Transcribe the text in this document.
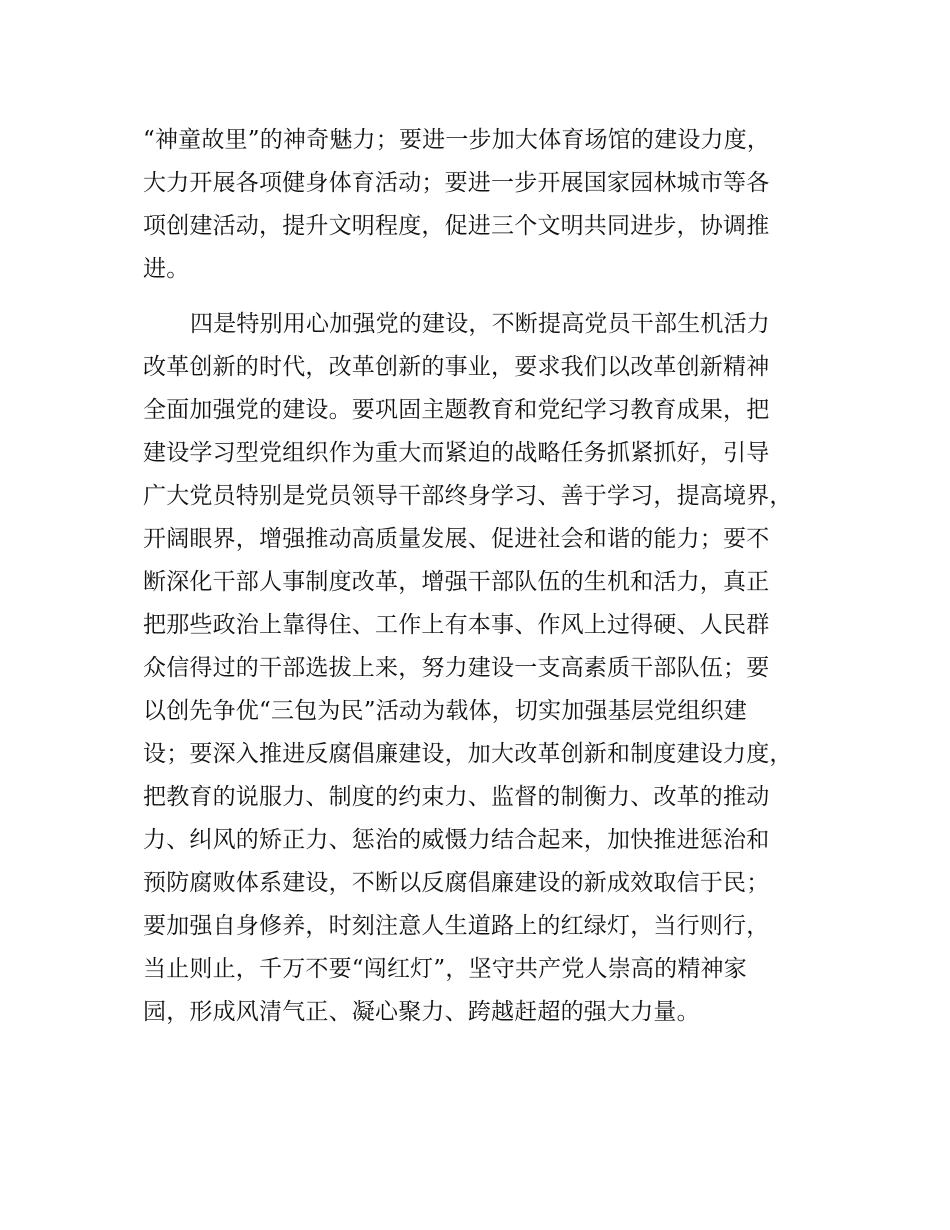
“神童故里”的神奇魅力；要进一步加大体育场馆的建设力度，
大力开展各项健身体育活动；要进一步开展国家园林城市等各
项创建活动，提升文明程度，促进三个文明共同进步，协调推
进。
四是特别用心加强党的建设，不断提高党员干部生机活力
改革创新的时代，改革创新的事业，要求我们以改革创新精神
全面加强党的建设。要巩固主题教育和党纪学习教育成果，把
建设学习型党组织作为重大而紧迫的战略任务抓紧抓好，引导
广大党员特别是党员领导干部终身学习、善于学习，提高境界，
开阔眼界，增强推动高质量发展、促进社会和谐的能力；要不
断深化干部人事制度改革，增强干部队伍的生机和活力，真正
把那些政治上靠得住、工作上有本事、作风上过得硬、人民群
众信得过的干部选拔上来，努力建设一支高素质干部队伍；要
以创先争优“三包为民”活动为载体，切实加强基层党组织建
设；要深入推进反腐倡廉建设，加大改革创新和制度建设力度，
把教育的说服力、制度的约束力、监督的制衡力、改革的推动
力、纠风的矫正力、惩治的威慑力结合起来，加快推进惩治和
预防腐败体系建设，不断以反腐倡廉建设的新成效取信于民；
要加强自身修养，时刻注意人生道路上的红绿灯，当行则行，
当止则止，千万不要“闯红灯”，坚守共产党人崇高的精神家
园，形成风清气正、凝心聚力、跨越赶超的强大力量。
